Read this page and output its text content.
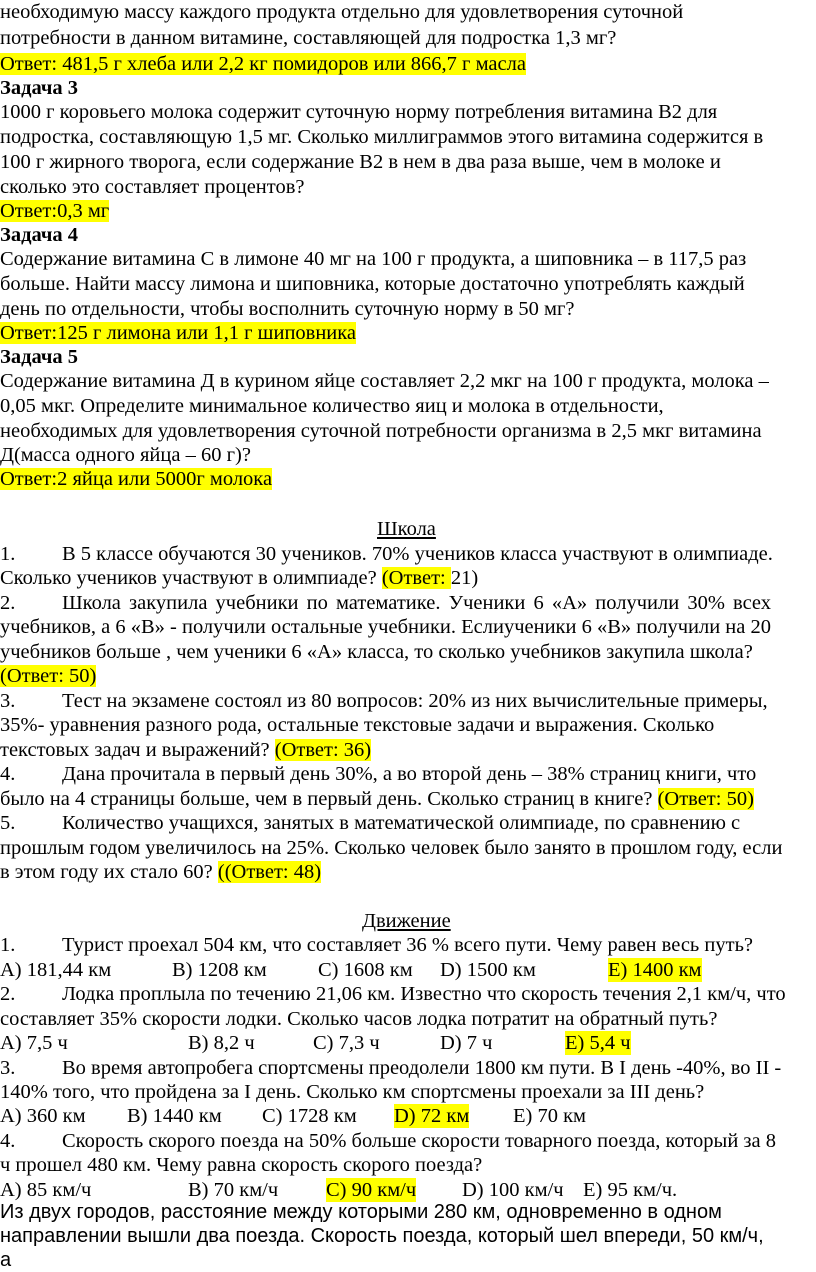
необходимую массу каждого продукта отдельно для удовлетворения суточной
потребности в данном витамине, составляющей для подростка 1,3 мг?
Ответ: 481,5 г хлеба или 2,2 кг помидоров или 866,7 г масла
Задача 3
1000 г коровьего молока содержит суточную норму потребления витамина В2 для
подростка, составляющую 1,5 мг. Сколько миллиграммов этого витамина содержится в
100 г жирного творога, если содержание В2 в нем в два раза выше, чем в молоке и
сколько это составляет процентов?
Ответ:0,3 мг
Задача 4
Содержание витамина С в лимоне 40 мг на 100 г продукта, а шиповника – в 117,5 раз
больше. Найти массу лимона и шиповника, которые достаточно употреблять каждый
день по отдельности, чтобы восполнить суточную норму в 50 мг?
Ответ:125 г лимона или 1,1 г шиповника
Задача 5
Содержание витамина Д в курином яйце составляет 2,2 мкг на 100 г продукта, молока –
0,05 мкг. Определите минимальное количество яиц и молока в отдельности,
необходимых для удовлетворения суточной потребности организма в 2,5 мкг витамина
Д(масса одного яйца – 60 г)?
Ответ:2 яйца или 5000г молока
Школа
1. В 5 классе обучаются 30 учеников. 70% учеников класса участвуют в олимпиаде.
Сколько учеников участвуют в олимпиаде? (Ответ: 21)
2. Школа закупила учебники по математике. Ученики 6 «А» получили 30% всех
учебников, а 6 «В» - получили остальные учебники. Еслиученики 6 «В» получили на 20
учебников больше , чем ученики 6 «А» класса, то сколько учебников закупила школа?
(Ответ: 50)
3. Тест на экзамене состоял из 80 вопросов: 20% из них вычислительные примеры,
35%- уравнения разного рода, остальные текстовые задачи и выражения. Сколько
текстовых задач и выражений? (Ответ: 36)
4. Дана прочитала в первый день 30%, а во второй день – 38% страниц книги, что
было на 4 страницы больше, чем в первый день. Сколько страниц в книге? (Ответ: 50)
5. Количество учащихся, занятых в математической олимпиаде, по сравнению с
прошлым годом увеличилось на 25%. Сколько человек было занято в прошлом году, если
в этом году их стало 60? ((Ответ: 48)
Движение
1. Турист проехал 504 км, что составляет 36 % всего пути. Чему равен весь путь?
А) 181,44 км	В) 1208 км	С) 1608 км D) 1500 км	Е) 1400 км
2. Лодка проплыла по течению 21,06 км. Известно что скорость течения 2,1 км/ч, что
составляет 35% скорости лодки. Сколько часов лодка потратит на обратный путь?
А) 7,5 ч	В) 8,2 ч	С) 7,3 ч	D) 7 ч	Е) 5,4 ч
3. Во время автопробега спортсмены преодолели 1800 км пути. В I день -40%, во II -
140% того, что пройдена за I день. Сколько км спортсмены проехали за III день?
А) 360 км В) 1440 км С) 1728 км D) 72 км Е) 70 км
4. Скорость скорого поезда на 50% больше скорости товарного поезда, который за 8
ч прошел 480 км. Чему равна скорость скорого поезда?
А) 85 км/ч	В) 70 км/ч С) 90 км/ч D) 100 км/ч Е) 95 км/ч.
Из двух городов, расстояние между которыми 280 км, одновременно в одном
направлении вышли два поезда. Скорость поезда, который шел впереди, 50 км/ч,
а
